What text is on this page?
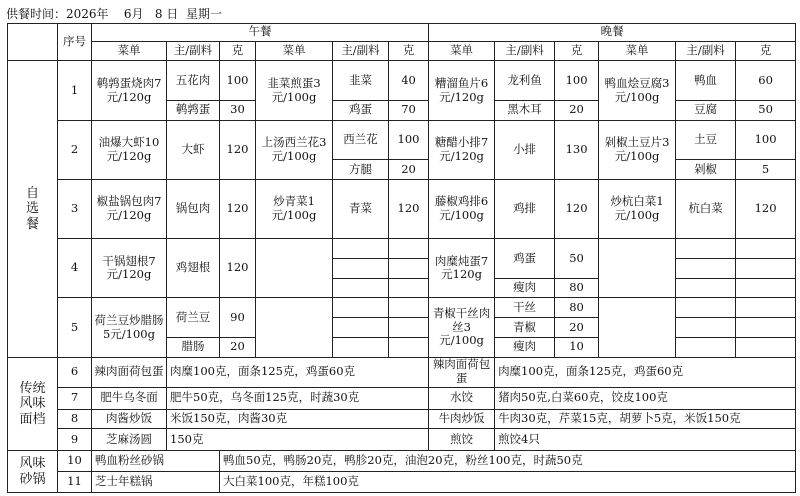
供餐时间：2026年 6月 8 日 星期一
	序号	午餐						晚餐					
		菜单	主/副料	克	菜单	主/副料	克	菜单	主/副料	克	菜单	主/副料	克
自
选
餐	1	鹌鹑蛋烧肉7元/120g	五花肉	100	韭菜煎蛋3元/100g	韭菜	40	糟溜鱼片6元/120g	龙利鱼	100	鸭血烩豆腐3元/100g	鸭血	60

			鹌鹑蛋	30		鸡蛋	70		黑木耳	20		豆腐	50
	2	油爆大虾10元/120g	大虾	120	上汤西兰花3元/100g	西兰花	100	糖醋小排7元/120g	小排	130	剁椒土豆片3元/100g	土豆	100

						方腿	20					剁椒	5
	3	椒盐锅包肉7元/120g	锅包肉	120	炒青菜1元/100g	青菜	120	藤椒鸡排6元/100g	鸡排	120	炒杭白菜1元/100g	杭白菜	120

	4	干锅翅根7元/120g	鸡翅根	120				肉糜炖蛋7元120g	鸡蛋	50			

									瘦肉	80			
	5	荷兰豆炒腊肠5元/100g	荷兰豆	90				青椒干丝肉丝3元/100g	干丝	80			
									青椒	20			
			腊肠	20					瘦肉	10			
传统
风味
面档	6	辣肉面荷包蛋	肉糜100克，面条125克，鸡蛋60克					辣肉面荷包蛋	肉糜100克，面条125克，鸡蛋60克				
	7	肥牛乌冬面	肥牛50克，乌冬面125克，时蔬30克					水饺	猪肉50克,白菜60克，饺皮100克				
	8	肉酱炒饭	米饭150克，肉酱30克					牛肉炒饭	牛肉30克，芹菜15克，胡萝卜5克，米饭150克				
	9	芝麻汤圆	150克					煎饺	煎饺4只				
风味
砂锅	10	鸭血粉丝砂锅		鸭血50克，鸭肠20克，鸭胗20克，油泡20克，粉丝100克，时蔬50克									
	11	芝士年糕锅		大白菜100克，年糕100克									
